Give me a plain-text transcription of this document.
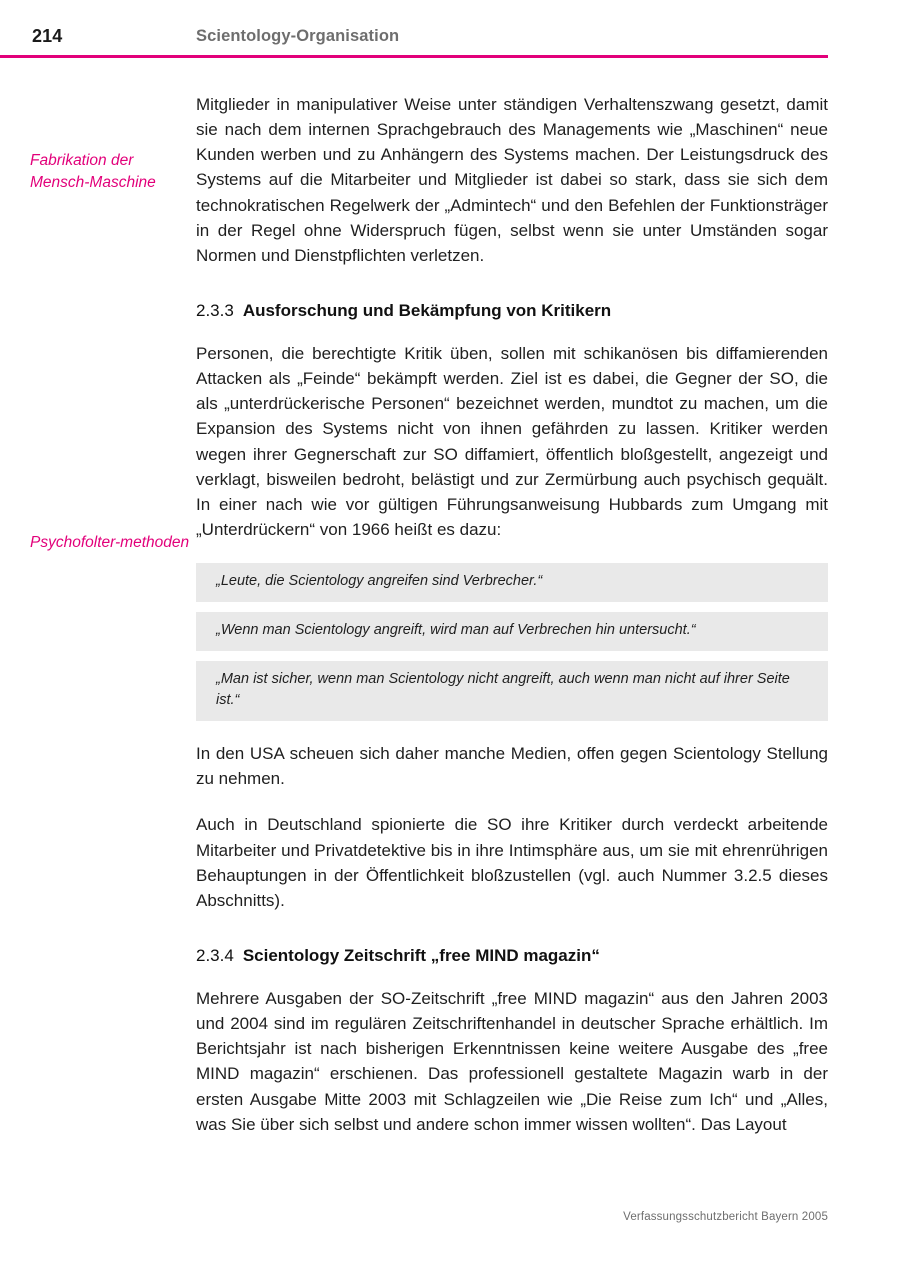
214	Scientology-Organisation
Fabrikation der Mensch-Maschine
Psychofolter-methoden

Mitglieder in manipulativer Weise unter ständigen Verhaltenszwang gesetzt, damit sie nach dem internen Sprachgebrauch des Managements wie „Maschinen“ neue Kunden werben und zu Anhängern des Systems machen. Der Leistungsdruck des Systems auf die Mitarbeiter und Mitglieder ist dabei so stark, dass sie sich dem technokratischen Regelwerk der „Admintech“ und den Befehlen der Funktionsträger in der Regel ohne Widerspruch fügen, selbst wenn sie unter Umständen sogar Normen und Dienstpflichten verletzen.

2.3.3 Ausforschung und Bekämpfung von Kritikern

Personen, die berechtigte Kritik üben, sollen mit schikanösen bis diffamierenden Attacken als „Feinde“ bekämpft werden. Ziel ist es dabei, die Gegner der SO, die als „unterdrückerische Personen“ bezeichnet werden, mundtot zu machen, um die Expansion des Systems nicht von ihnen gefährden zu lassen. Kritiker werden wegen ihrer Gegnerschaft zur SO diffamiert, öffentlich bloßgestellt, angezeigt und verklagt, bisweilen bedroht, belästigt und zur Zermürbung auch psychisch gequält. In einer nach wie vor gültigen Führungsanweisung Hubbards zum Umgang mit „Unterdrückern“ von 1966 heißt es dazu:

„Leute, die Scientology angreifen sind Verbrecher.“
„Wenn man Scientology angreift, wird man auf Verbrechen hin untersucht.“
„Man ist sicher, wenn man Scientology nicht angreift, auch wenn man nicht auf ihrer Seite ist.“

In den USA scheuen sich daher manche Medien, offen gegen Scientology Stellung zu nehmen.

Auch in Deutschland spionierte die SO ihre Kritiker durch verdeckt arbeitende Mitarbeiter und Privatdetektive bis in ihre Intimsphäre aus, um sie mit ehrenrührigen Behauptungen in der Öffentlichkeit bloßzustellen (vgl. auch Nummer 3.2.5 dieses Abschnitts).

2.3.4 Scientology Zeitschrift „free MIND magazin“

Mehrere Ausgaben der SO-Zeitschrift „free MIND magazin“ aus den Jahren 2003 und 2004 sind im regulären Zeitschriftenhandel in deutscher Sprache erhältlich. Im Berichtsjahr ist nach bisherigen Erkenntnissen keine weitere Ausgabe des „free MIND magazin“ erschienen. Das professionell gestaltete Magazin warb in der ersten Ausgabe Mitte 2003 mit Schlagzeilen wie „Die Reise zum Ich“ und „Alles, was Sie über sich selbst und andere schon immer wissen wollten“. Das Layout

Verfassungsschutzbericht Bayern 2005
